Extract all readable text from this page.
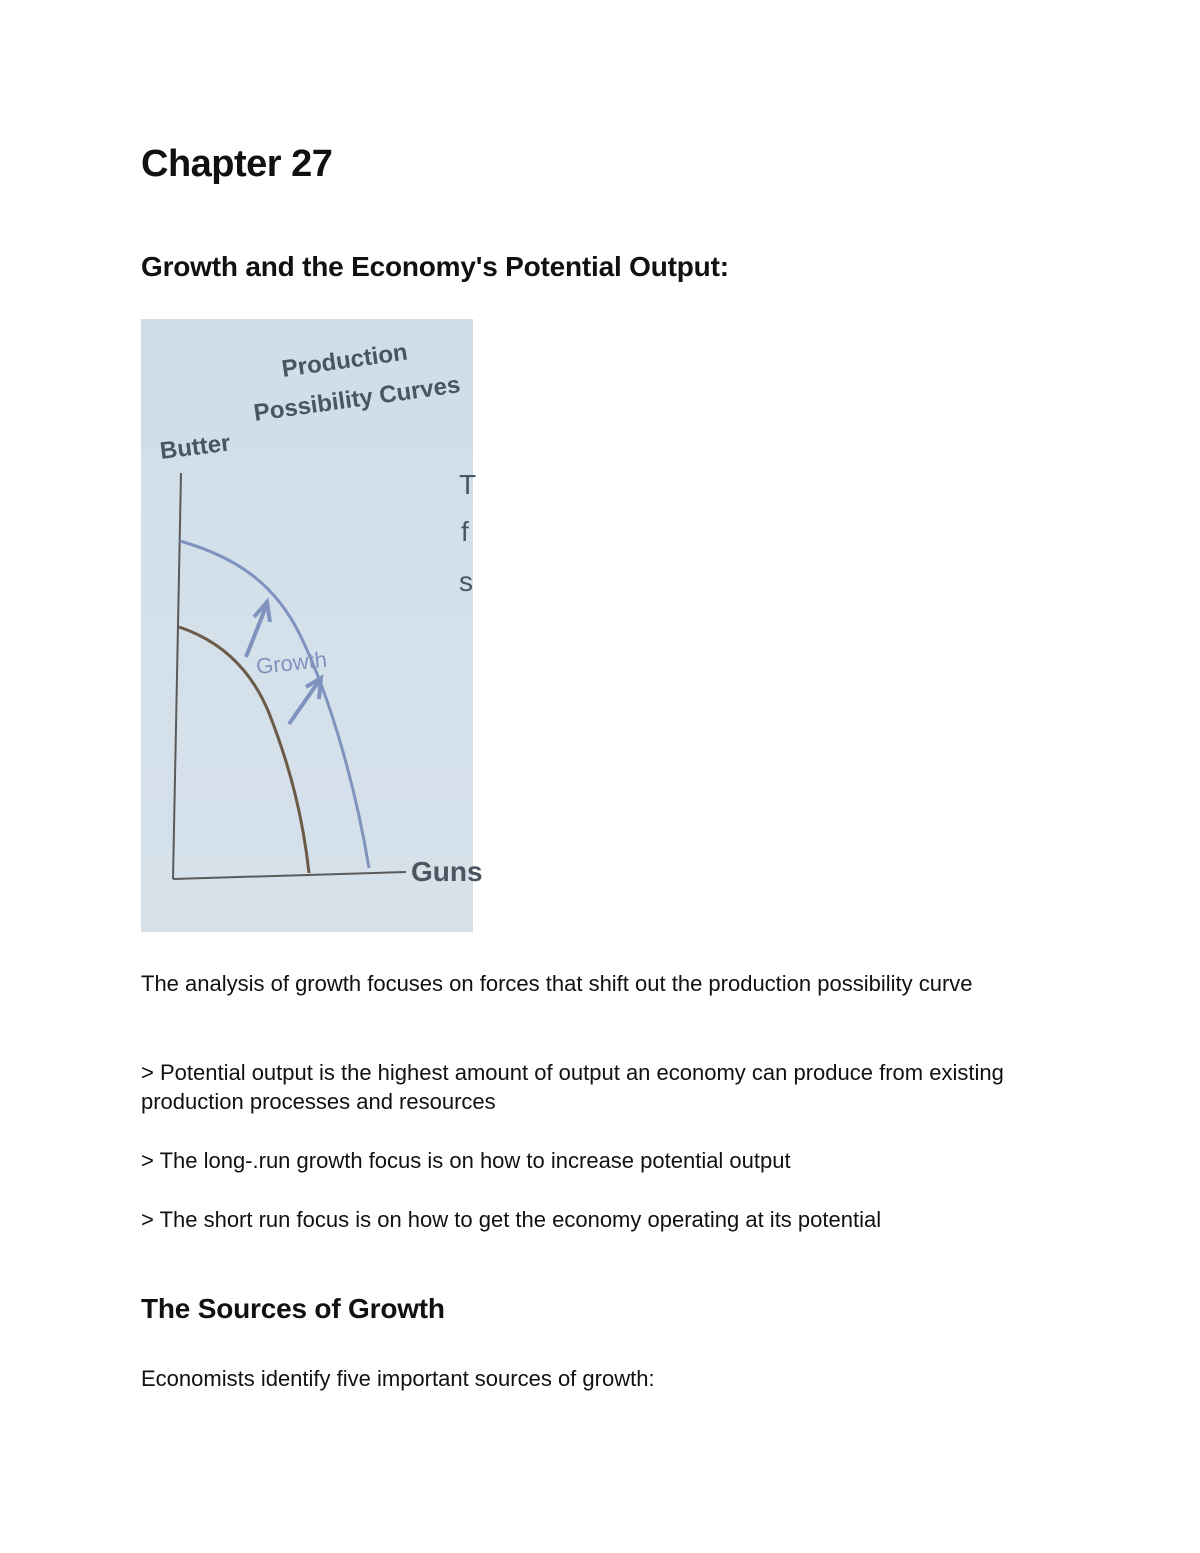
Chapter 27
Growth and the Economy's Potential Output:
Production
Possibility Curves
Butter
T
f
s
Guns
Growth

The analysis of growth focuses on forces that shift out the production possibility curve

> Potential output is the highest amount of output an economy can produce from existing production processes and resources

> The long-.run growth focus is on how to increase potential output

> The short run focus is on how to get the economy operating at its potential

The Sources of Growth

Economists identify five important sources of growth:
